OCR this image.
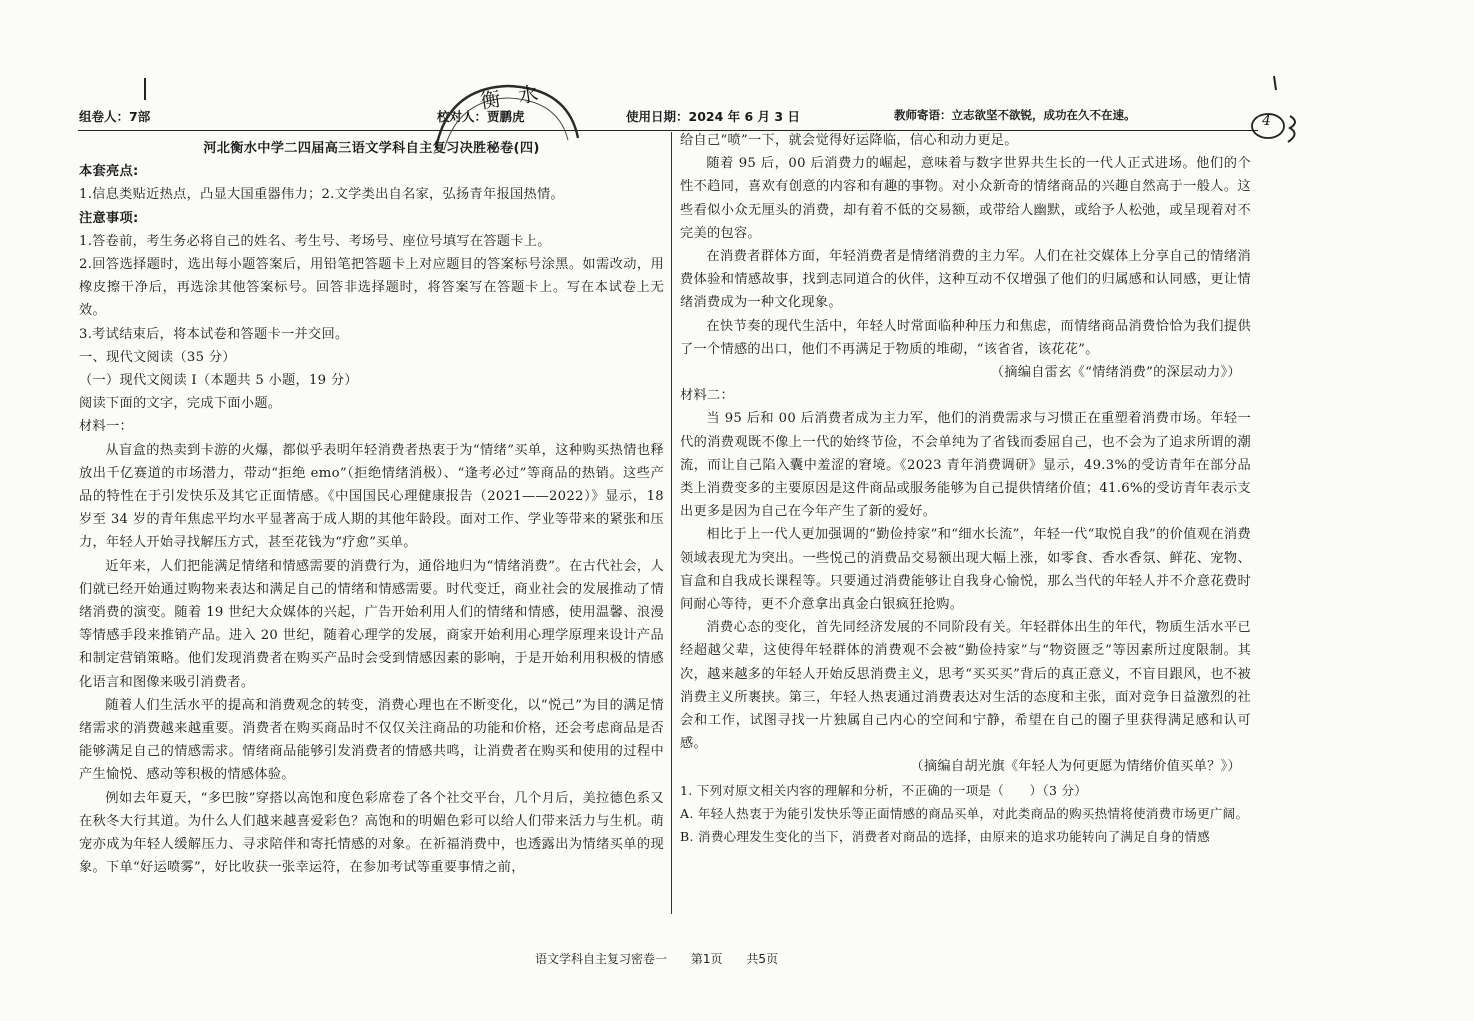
组卷人：7部	校对人：贾鹏虎	使用日期：2024 年 6 月 3 日	教师寄语：立志欲坚不欲锐，成功在久不在速。
衡水
4

河北衡水中学二四届高三语文学科自主复习决胜秘卷(四)

本套亮点:

1.信息类贴近热点，凸显大国重器伟力；2.文学类出自名家，弘扬青年报国热情。

注意事项:

1.答卷前，考生务必将自己的姓名、考生号、考场号、座位号填写在答题卡上。

2.回答选择题时，选出每小题答案后，用铅笔把答题卡上对应题目的答案标号涂黑。如需改动，用橡皮擦干净后，再选涂其他答案标号。回答非选择题时，将答案写在答题卡上。写在本试卷上无效。

3.考试结束后，将本试卷和答题卡一并交回。

一、现代文阅读（35 分）

（一）现代文阅读 I（本题共 5 小题，19 分）

阅读下面的文字，完成下面小题。

材料一：

从盲盒的热卖到卡游的火爆，都似乎表明年轻消费者热衷于为“情绪”买单，这种购买热情也释放出千亿赛道的市场潜力，带动“拒绝 emo”（拒绝情绪消极）、“逢考必过”等商品的热销。这些产品的特性在于引发快乐及其它正面情感。《中国国民心理健康报告（2021——2022）》显示，18 岁至 34 岁的青年焦虑平均水平显著高于成人期的其他年龄段。面对工作、学业等带来的紧张和压力，年轻人开始寻找解压方式，甚至花钱为“疗愈”买单。

近年来，人们把能满足情绪和情感需要的消费行为，通俗地归为“情绪消费”。在古代社会，人们就已经开始通过购物来表达和满足自己的情绪和情感需要。时代变迁，商业社会的发展推动了情绪消费的演变。随着 19 世纪大众媒体的兴起，广告开始利用人们的情绪和情感，使用温馨、浪漫等情感手段来推销产品。进入 20 世纪，随着心理学的发展，商家开始利用心理学原理来设计产品和制定营销策略。他们发现消费者在购买产品时会受到情感因素的影响，于是开始利用积极的情感化语言和图像来吸引消费者。

随着人们生活水平的提高和消费观念的转变，消费心理也在不断变化，以“悦己”为目的满足情绪需求的消费越来越重要。消费者在购买商品时不仅仅关注商品的功能和价格，还会考虑商品是否能够满足自己的情感需求。情绪商品能够引发消费者的情感共鸣，让消费者在购买和使用的过程中产生愉悦、感动等积极的情感体验。

例如去年夏天，“多巴胺”穿搭以高饱和度色彩席卷了各个社交平台，几个月后，美拉德色系又在秋冬大行其道。为什么人们越来越喜爱彩色？高饱和的明媚色彩可以给人们带来活力与生机。萌宠亦成为年轻人缓解压力、寻求陪伴和寄托情感的对象。在祈福消费中，也透露出为情绪买单的现象。下单“好运喷雾”，好比收获一张幸运符，在参加考试等重要事情之前，

给自己“喷”一下，就会觉得好运降临，信心和动力更足。

随着 95 后，00 后消费力的崛起，意味着与数字世界共生长的一代人正式进场。他们的个性不趋同，喜欢有创意的内容和有趣的事物。对小众新奇的情绪商品的兴趣自然高于一般人。这些看似小众无厘头的消费，却有着不低的交易额，或带给人幽默，或给予人松弛，或呈现着对不完美的包容。

在消费者群体方面，年轻消费者是情绪消费的主力军。人们在社交媒体上分享自己的情绪消费体验和情感故事，找到志同道合的伙伴，这种互动不仅增强了他们的归属感和认同感，更让情绪消费成为一种文化现象。

在快节奏的现代生活中，年轻人时常面临种种压力和焦虑，而情绪商品消费恰恰为我们提供了一个情感的出口，他们不再满足于物质的堆砌，“该省省，该花花”。

（摘编自雷玄《“情绪消费”的深层动力》）

材料二：

当 95 后和 00 后消费者成为主力军，他们的消费需求与习惯正在重塑着消费市场。年轻一代的消费观既不像上一代的始终节俭，不会单纯为了省钱而委屈自己，也不会为了追求所谓的潮流，而让自己陷入囊中羞涩的窘境。《2023 青年消费调研》显示，49.3%的受访青年在部分品类上消费变多的主要原因是这件商品或服务能够为自己提供情绪价值；41.6%的受访青年表示支出更多是因为自己在今年产生了新的爱好。

相比于上一代人更加强调的“勤俭持家”和“细水长流”，年轻一代“取悦自我”的价值观在消费领域表现尤为突出。一些悦己的消费品交易额出现大幅上涨，如零食、香水香氛、鲜花、宠物、盲盒和自我成长课程等。只要通过消费能够让自我身心愉悦，那么当代的年轻人并不介意花费时间耐心等待，更不介意拿出真金白银疯狂抢购。

消费心态的变化，首先同经济发展的不同阶段有关。年轻群体出生的年代，物质生活水平已经超越父辈，这使得年轻群体的消费观不会被“勤俭持家”与“物资匮乏”等因素所过度限制。其次，越来越多的年轻人开始反思消费主义，思考“买买买”背后的真正意义，不盲目跟风，也不被消费主义所裹挟。第三，年轻人热衷通过消费表达对生活的态度和主张，面对竞争日益激烈的社会和工作，试图寻找一片独属自己内心的空间和宁静，希望在自己的圈子里获得满足感和认可感。

（摘编自胡光旗《年轻人为何更愿为情绪价值买单？》）

1. 下列对原文相关内容的理解和分析，不正确的一项是（　　）（3 分）

A. 年轻人热衷于为能引发快乐等正面情感的商品买单，对此类商品的购买热情将使消费市场更广阔。

B. 消费心理发生变化的当下，消费者对商品的选择，由原来的追求功能转向了满足自身的情感

语文学科自主复习密卷一 第1页 共5页
